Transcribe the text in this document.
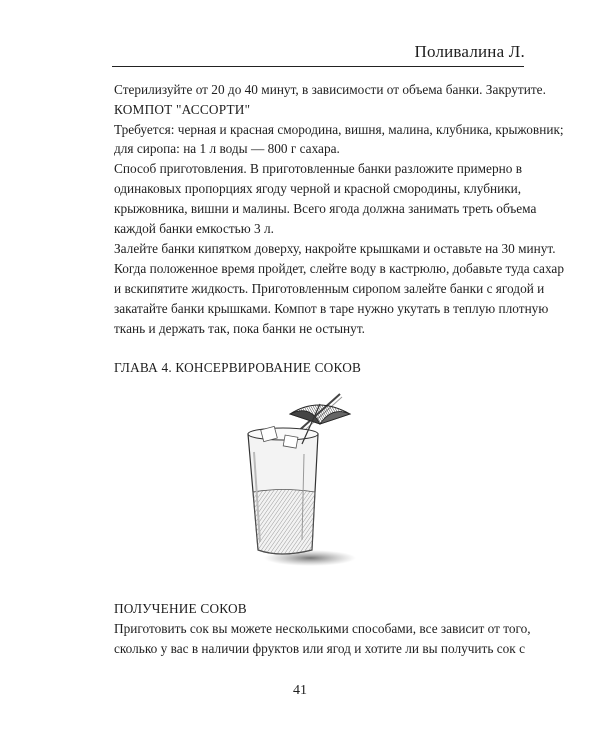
Поливалина Л.
Стерилизуйте от 20 до 40 минут, в зависимости от объема банки. Закрутите.
КОМПОТ "АССОРТИ"
Требуется: черная и красная смородина, вишня, малина, клубника, крыжовник;
для сиропа: на 1 л воды — 800 г сахара.
Способ приготовления. В приготовленные банки разложите примерно в
одинаковых пропорциях ягоду черной и красной смородины, клубники,
крыжовника, вишни и малины. Всего ягода должна занимать треть объема
каждой банки емкостью 3 л.
Залейте банки кипятком доверху, накройте крышками и оставьте на 30 минут.
Когда положенное время пройдет, слейте воду в кастрюлю, добавьте туда сахар
и вскипятите жидкость. Приготовленным сиропом залейте банки с ягодой и
закатайте банки крышками. Компот в таре нужно укутать в теплую плотную
ткань и держать так, пока банки не остынут.
ГЛАВА 4. КОНСЕРВИРОВАНИЕ СОКОВ
ПОЛУЧЕНИЕ СОКОВ
Приготовить сок вы можете несколькими способами, все зависит от того,
сколько у вас в наличии фруктов или ягод и хотите ли вы получить сок с
41
